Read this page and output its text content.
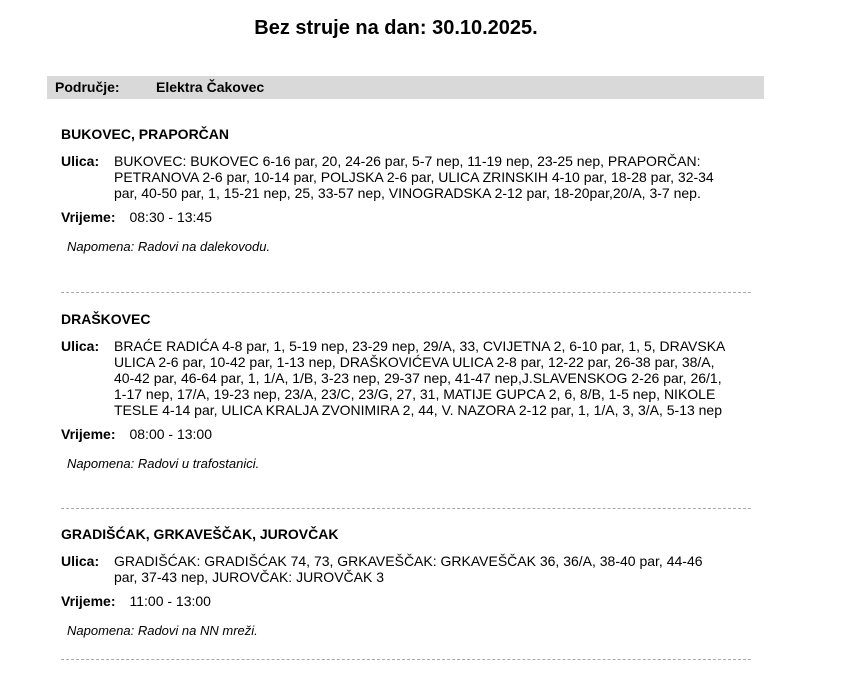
Bez struje na dan: 30.10.2025.
Područje:	Elektra Čakovec
BUKOVEC, PRAPORČAN
Ulica:	BUKOVEC: BUKOVEC 6-16 par, 20, 24-26 par, 5-7 nep, 11-19 nep, 23-25 nep, PRAPORČAN: PETRANOVA 2-6 par, 10-14 par, POLJSKA 2-6 par, ULICA ZRINSKIH 4-10 par, 18-28 par, 32-34 par, 40-50 par, 1, 15-21 nep, 25, 33-57 nep, VINOGRADSKA 2-12 par, 18-20par,20/A, 3-7 nep.
Vrijeme: 08:30 - 13:45
Napomena: Radovi na dalekovodu.
DRAŠKOVEC
Ulica:	BRAĆE RADIĆA 4-8 par, 1, 5-19 nep, 23-29 nep, 29/A, 33, CVIJETNA 2, 6-10 par, 1, 5, DRAVSKA ULICA 2-6 par, 10-42 par, 1-13 nep, DRAŠKOVIĆEVA ULICA 2-8 par, 12-22 par, 26-38 par, 38/A, 40-42 par, 46-64 par, 1, 1/A, 1/B, 3-23 nep, 29-37 nep, 41-47 nep,J.SLAVENSKOG 2-26 par, 26/1, 1-17 nep, 17/A, 19-23 nep, 23/A, 23/C, 23/G, 27, 31, MATIJE GUPCA 2, 6, 8/B, 1-5 nep, NIKOLE TESLE 4-14 par, ULICA KRALJA ZVONIMIRA 2, 44, V. NAZORA 2-12 par, 1, 1/A, 3, 3/A, 5-13 nep
Vrijeme: 08:00 - 13:00
Napomena: Radovi u trafostanici.
GRADIŠĆAK, GRKAVEŠČAK, JUROVČAK
Ulica:	GRADIŠĆAK: GRADIŠĆAK 74, 73, GRKAVEŠČAK: GRKAVEŠČAK 36, 36/A, 38-40 par, 44-46 par, 37-43 nep, JUROVČAK: JUROVČAK 3
Vrijeme: 11:00 - 13:00
Napomena: Radovi na NN mreži.
